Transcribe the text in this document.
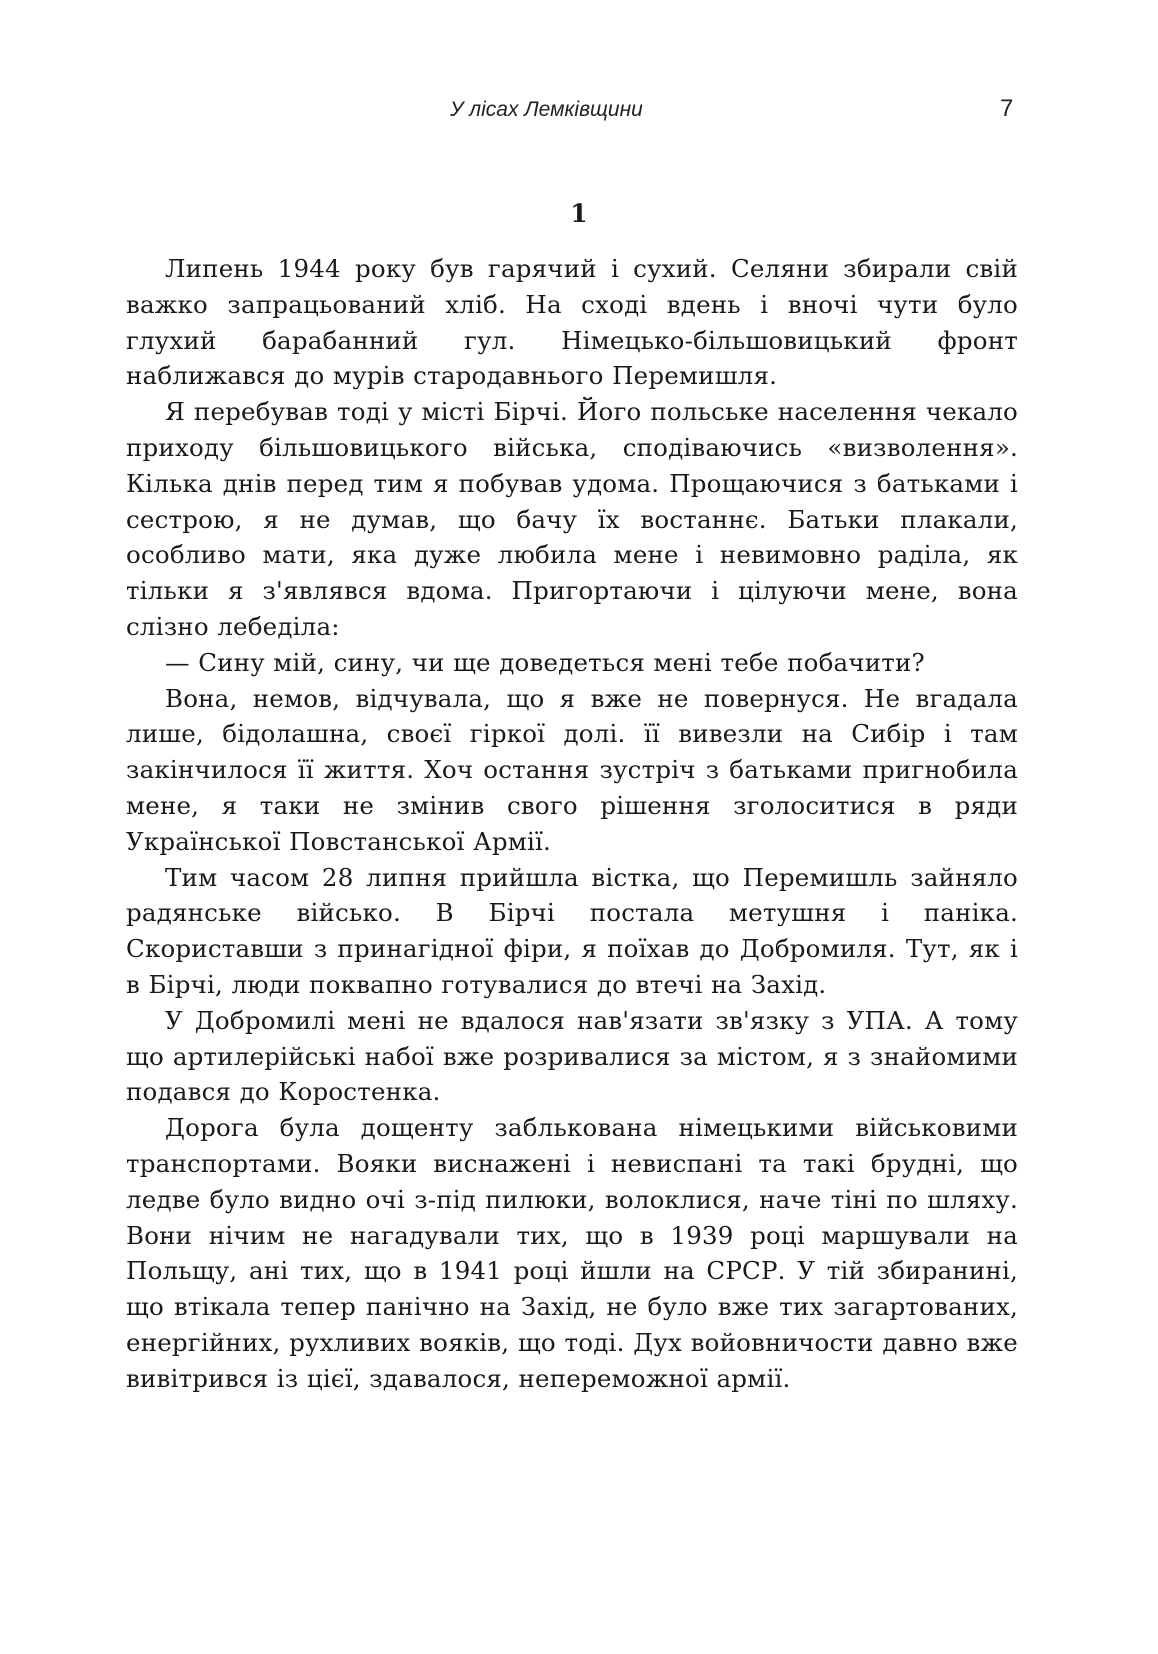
У лісах Лемківщини	7
1

Липень 1944 року був гарячий і сухий. Селяни збирали свій важко запрацьований хліб. На сході вдень і вночі чути було глухий барабанний гул. Німецько-більшовицький фронт наближався до мурів стародавнього Перемишля.

Я перебував тоді у місті Бірчі. Його польське населення чекало приходу більшовицького війська, сподіваючись «визволення». Кілька днів перед тим я побував удома. Прощаючися з батьками і сестрою, я не думав, що бачу їх востаннє. Батьки плакали, особливо мати, яка дуже любила мене і невимовно раділа, як тільки я з'являвся вдома. Пригортаючи і цілуючи мене, вона слізно лебеділа:

— Сину мій, сину, чи ще доведеться мені тебе побачити?

Вона, немов, відчувала, що я вже не повернуся. Не вгадала лише, бідолашна, своєї гіркої долі. її вивезли на Сибір і там закінчилося її життя. Хоч остання зустріч з батьками пригнобила мене, я таки не змінив свого рішення зголоситися в ряди Української Повстанської Армії.

Тим часом 28 липня прийшла вістка, що Перемишль зайняло радянське військо. В Бірчі постала метушня і паніка. Скориставши з принагідної фіри, я поїхав до Добромиля. Тут, як і в Бірчі, люди поквапно готувалися до втечі на Захід.

У Добромилі мені не вдалося нав'язати зв'язку з УПА. А тому що артилерійські набої вже розривалися за містом, я з знайомими подався до Коростенка.

Дорога була дощенту заблькована німецькими військовими транспортами. Вояки виснажені і невиспані та такі брудні, що ледве було видно очі з-під пилюки, волоклися, наче тіні по шляху. Вони нічим не нагадували тих, що в 1939 році маршували на Польщу, ані тих, що в 1941 році йшли на СРСР. У тій збиранині, що втікала тепер панічно на Захід, не було вже тих загартованих, енергійних, рухливих вояків, що тоді. Дух войовничости давно вже вивітрився із цієї, здавалося, непереможної армії.
